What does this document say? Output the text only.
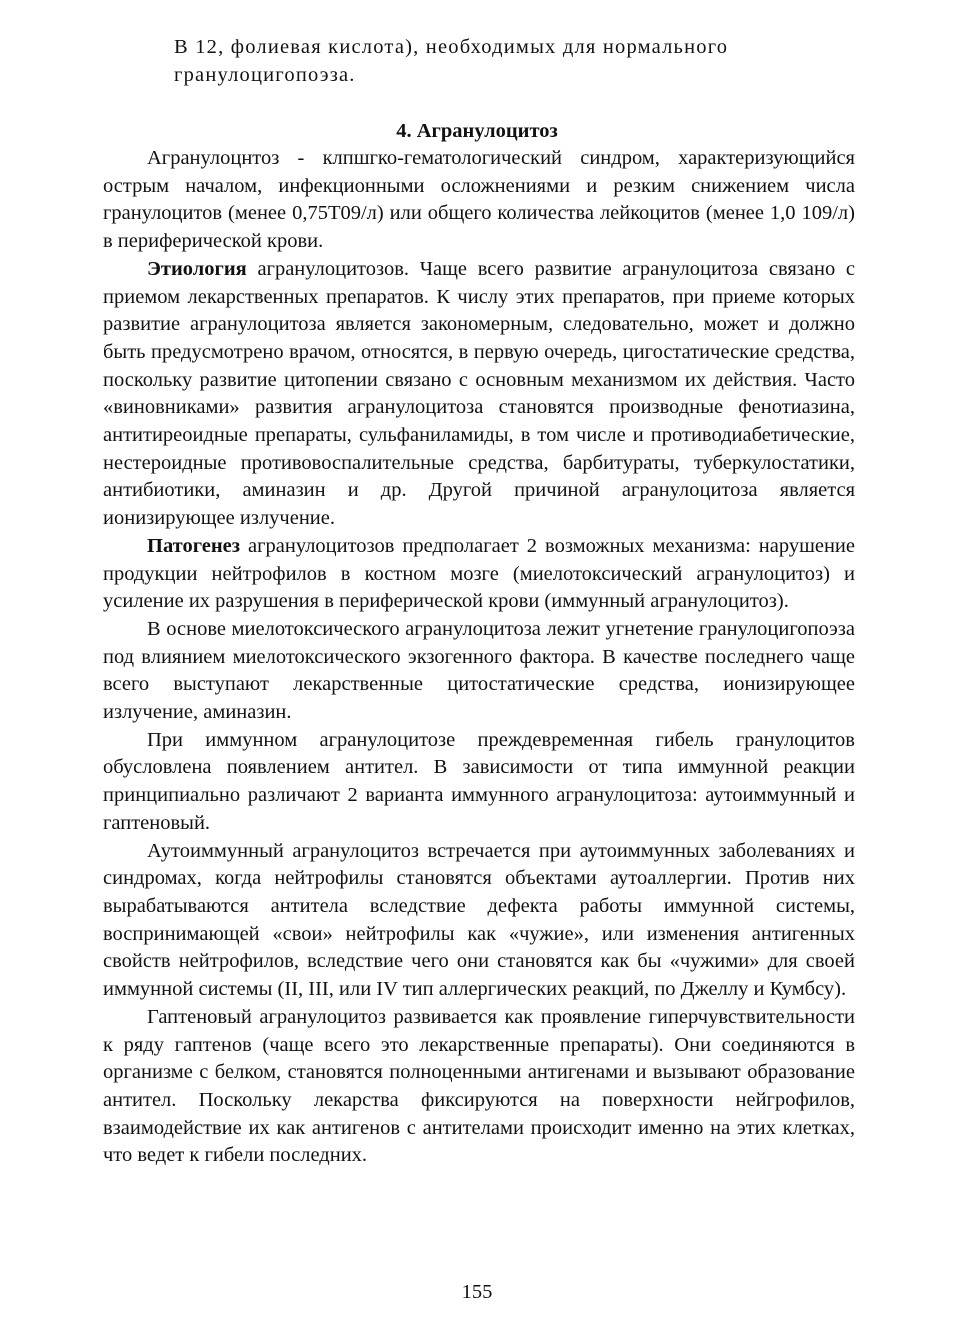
В 12, фолиевая кислота), необходимых для нормального
гранулоцигопоэза.
4. Агранулоцитоз

Агранулоцнтоз - клпшгко-гематологический синдром, характеризующийся острым началом, инфекционными осложнениями и резким снижением числа гранулоцитов (менее 0,75Т09/л) или общего количества лейкоцитов (менее 1,0 109/л) в периферической крови.

Этиология агранулоцитозов. Чаще всего развитие агранулоцитоза связано с приемом лекарственных препаратов. К числу этих препаратов, при приеме которых развитие агранулоцитоза является закономерным, следовательно, может и должно быть предусмотрено врачом, относятся, в первую очередь, цигостатические средства, поскольку развитие цитопении связано с основным механизмом их действия. Часто «виновниками» развития агранулоцитоза становятся производные фенотиазина, антитиреоидные препараты, сульфаниламиды, в том числе и противодиабетические, нестероидные противовоспалительные средства, барбитураты, туберкулостатики, антибиотики, аминазин и др. Другой причиной агранулоцитоза является ионизирующее излучение.

Патогенез агранулоцитозов предполагает 2 возможных механизма: нарушение продукции нейтрофилов в костном мозге (миелотоксический агранулоцитоз) и усиление их разрушения в периферической крови (иммунный агранулоцитоз).

В основе миелотоксического агранулоцитоза лежит угнетение гранулоцигопоэза под влиянием миелотоксического экзогенного фактора. В качестве последнего чаще всего выступают лекарственные цитостатические средства, ионизирующее излучение, аминазин.

При иммунном агранулоцитозе преждевременная гибель гранулоцитов обусловлена появлением антител. В зависимости от типа иммунной реакции принципиально различают 2 варианта иммунного агранулоцитоза: аутоиммунный и гаптеновый.

Аутоиммунный агранулоцитоз встречается при аутоиммунных заболеваниях и синдромах, когда нейтрофилы становятся объектами аутоаллергии. Против них вырабатываются антитела вследствие дефекта работы иммунной системы, воспринимающей «свои» нейтрофилы как «чужие», или изменения антигенных свойств нейтрофилов, вследствие чего они становятся как бы «чужими» для своей иммунной системы (II, III, или IV тип аллергических реакций, по Джеллу и Кумбсу).

Гаптеновый агранулоцитоз развивается как проявление гиперчувствительности к ряду гаптенов (чаще всего это лекарственные препараты). Они соединяются в организме с белком, становятся полноценными антигенами и вызывают образование антител. Поскольку лекарства фиксируются на поверхности нейгрофилов, взаимодействие их как антигенов с антителами происходит именно на этих клетках, что ведет к гибели последних.

155
